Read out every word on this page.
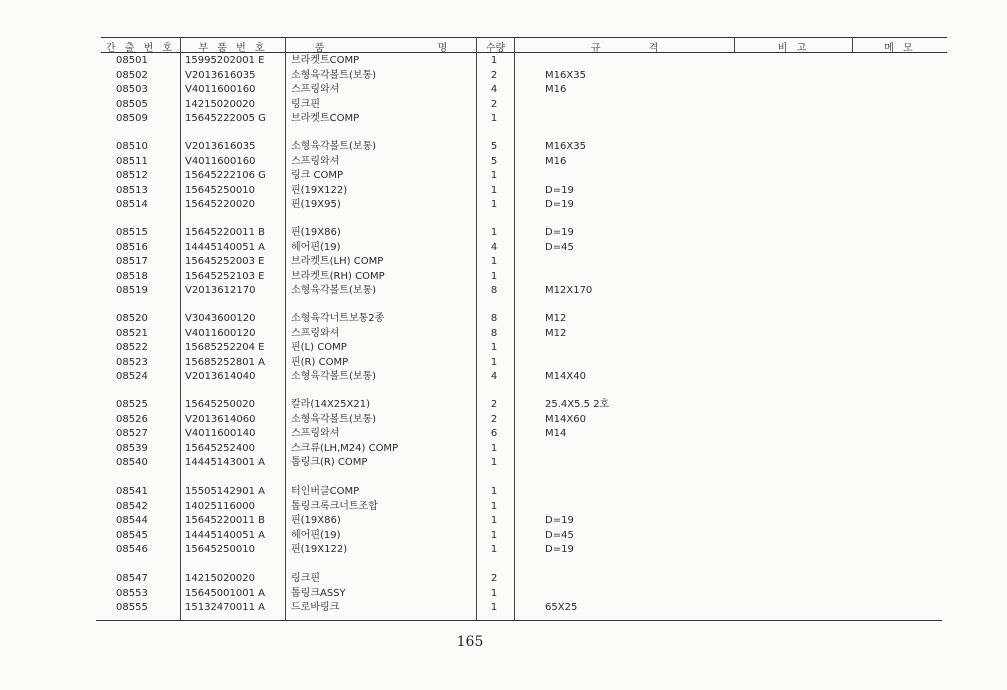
간 출 번 호	부 품 번 호	품 명	수량	규 격	비 고	메 모
08501	15995202001 E	브라켓트COMP	1
08502	V2013616035	소형육각볼트(보통)	2	M16X35
08503	V4011600160	스프링와셔	4	M16
08505	14215020020	링크핀	2
08509	15645222005 G	브라켓트COMP	1
08510	V2013616035	소형육각볼트(보통)	5	M16X35
08511	V4011600160	스프링와셔	5	M16
08512	15645222106 G	링크 COMP	1
08513	15645250010	핀(19X122)	1	D=19
08514	15645220020	핀(19X95)	1	D=19
08515	15645220011 B	핀(19X86)	1	D=19
08516	14445140051 A	헤어핀(19)	4	D=45
08517	15645252003 E	브라켓트(LH) COMP	1
08518	15645252103 E	브라켓트(RH) COMP	1
08519	V2013612170	소형육각볼트(보통)	8	M12X170
08520	V3043600120	소형육각너트보통2종	8	M12
08521	V4011600120	스프링와셔	8	M12
08522	15685252204 E	핀(L) COMP	1
08523	15685252801 A	핀(R) COMP	1
08524	V2013614040	소형육각볼트(보통)	4	M14X40
08525	15645250020	칼라(14X25X21)	2	25.4X5.5 2호
08526	V2013614060	소형육각볼트(보통)	2	M14X60
08527	V4011600140	스프링와셔	6	M14
08539	15645252400	스크류(LH,M24) COMP	1
08540	14445143001 A	톱링크(R) COMP	1
08541	15505142901 A	터인버클COMP	1
08542	14025116000	톱링크록크너트조합	1
08544	15645220011 B	핀(19X86)	1	D=19
08545	14445140051 A	헤어핀(19)	1	D=45
08546	15645250010	핀(19X122)	1	D=19
08547	14215020020	링크핀	2
08553	15645001001 A	톱링크ASSY	1
08555	15132470011 A	드로바링크	1	65X25
165
